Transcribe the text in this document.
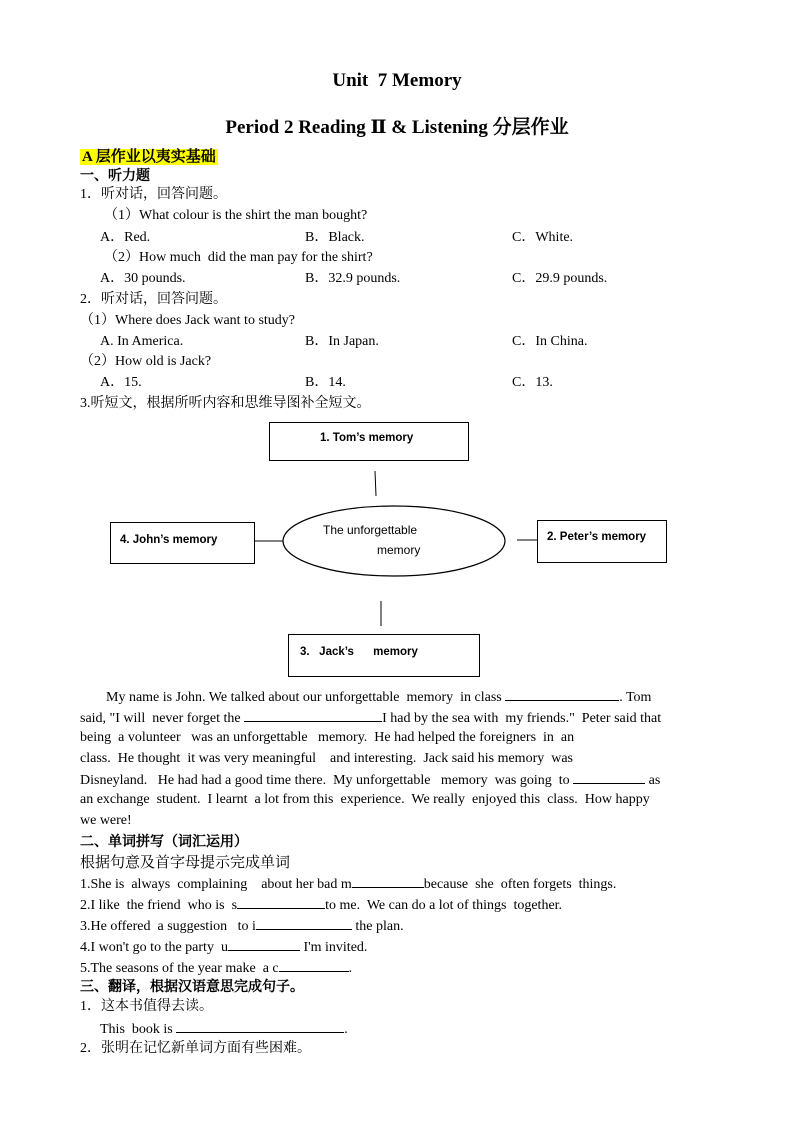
Unit  7 Memory
Period 2 Reading Ⅱ & Listening 分层作业
A 层作业以夷实基础
一、听力题
1．听对话，回答问题。
（1）What colour is the shirt the man bought?
A．Red.	B．Black.	C．White.
（2）How much  did the man pay for the shirt?
A．30 pounds.	B．32.9 pounds.	C．29.9 pounds.
2．听对话，回答问题。
（1）Where does Jack want to study?
A. In America.	B．In Japan.	C．In China.
（2）How old is Jack?
A．15.	B．14.	C．13.
3.听短文，根据所听内容和思维导图补全短文。
The unforgettable
memory
1. Tom’s memory
2. Peter’s memory
3.   Jack’s      memory
4. John’s memory
My name is John. We talked about our unforgettable  memory  in class	. Tom
said, "I will  never forget the	I had by the sea with  my friends."  Peter said that
being  a volunteer   was an unforgettable   memory.  He had helped the foreigners  in  an
class.  He thought  it was very meaningful    and interesting.  Jack said his memory  was
Disneyland.   He had had a good time there.  My unforgettable   memory  was going  to	as
an exchange  student.  I learnt  a lot from this  experience.  We really  enjoyed this  class.  How happy
we were!
二、单词拼写（词汇运用）
根据句意及首字母提示完成单词
1.She is  always  complaining    about her bad m	because  she  often forgets  things.
2.I like  the friend  who is  s	to me.  We can do a lot of things  together.
3.He offered  a suggestion   to i	the plan.
4.I won't go to the party  u	I'm invited.
5.The seasons of the year make  a c	.
三、翻译，根据汉语意思完成句子。
1．这本书值得去读。
This  book is	.
2．张明在记忆新单词方面有些困难。
